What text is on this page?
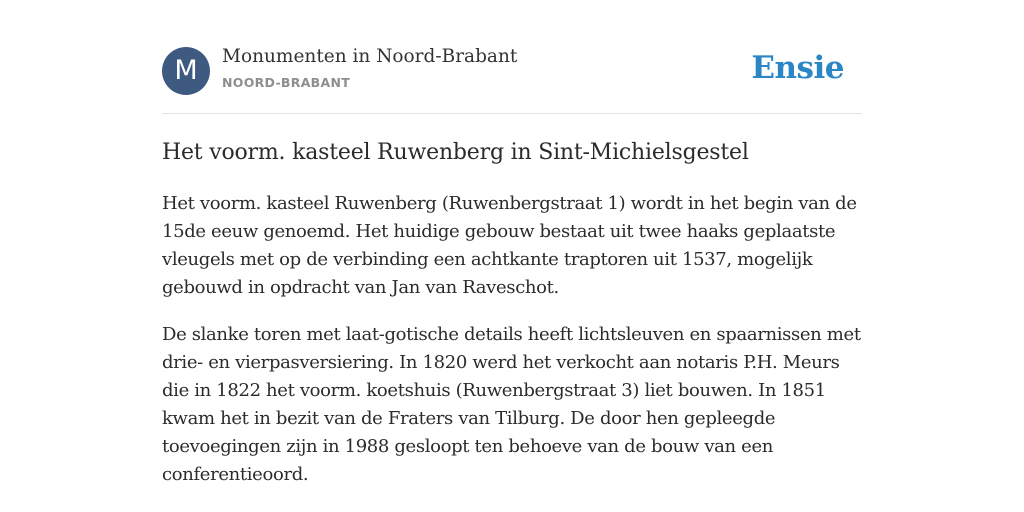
M	Monumenten in Noord-Brabant
NOORD-BRABANT	Ensie
Het voorm. kasteel Ruwenberg in Sint-Michielsgestel

Het voorm. kasteel Ruwenberg (Ruwenbergstraat 1) wordt in het begin van de 15de eeuw genoemd. Het huidige gebouw bestaat uit twee haaks geplaatste vleugels met op de verbinding een achtkante traptoren uit 1537, mogelijk gebouwd in opdracht van Jan van Raveschot.

De slanke toren met laat-gotische details heeft lichtsleuven en spaarnissen met drie- en vierpasversiering. In 1820 werd het verkocht aan notaris P.H. Meurs die in 1822 het voorm. koetshuis (Ruwenbergstraat 3) liet bouwen. In 1851 kwam het in bezit van de Fraters van Tilburg. De door hen gepleegde toevoegingen zijn in 1988 gesloopt ten behoeve van de bouw van een conferentieoord.
